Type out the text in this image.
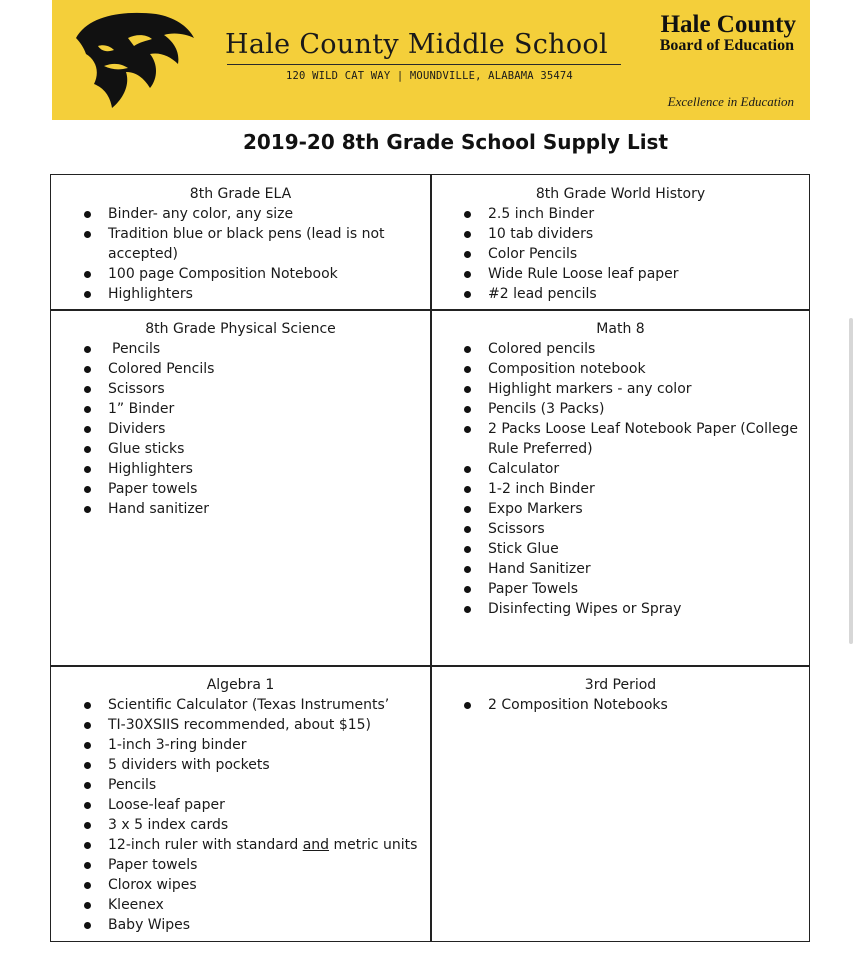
Hale County Middle School
120 WILD CAT WAY | MOUNDVILLE, ALABAMA 35474
Hale County
Board of Education
Excellence in Education
2019-20 8th Grade School Supply List
8th Grade ELA
Binder- any color, any size
Tradition blue or black pens (lead is not
accepted)
100 page Composition Notebook
Highlighters
8th Grade World History
2.5 inch Binder
10 tab dividers
Color Pencils
Wide Rule Loose leaf paper
#2 lead pencils
8th Grade Physical Science
Pencils
Colored Pencils
Scissors
1” Binder
Dividers
Glue sticks
Highlighters
Paper towels
Hand sanitizer
Math 8
Colored pencils
Composition notebook
Highlight markers - any color
Pencils (3 Packs)
2 Packs Loose Leaf Notebook Paper (College
Rule Preferred)
Calculator
1-2 inch Binder
Expo Markers
Scissors
Stick Glue
Hand Sanitizer
Paper Towels
Disinfecting Wipes or Spray
Algebra 1
Scientific Calculator (Texas Instruments’
TI-30XSIIS recommended, about $15)
1-inch 3-ring binder
5 dividers with pockets
Pencils
Loose-leaf paper
3 x 5 index cards
12-inch ruler with standard and metric units
Paper towels
Clorox wipes
Kleenex
Baby Wipes
3rd Period
2 Composition Notebooks
